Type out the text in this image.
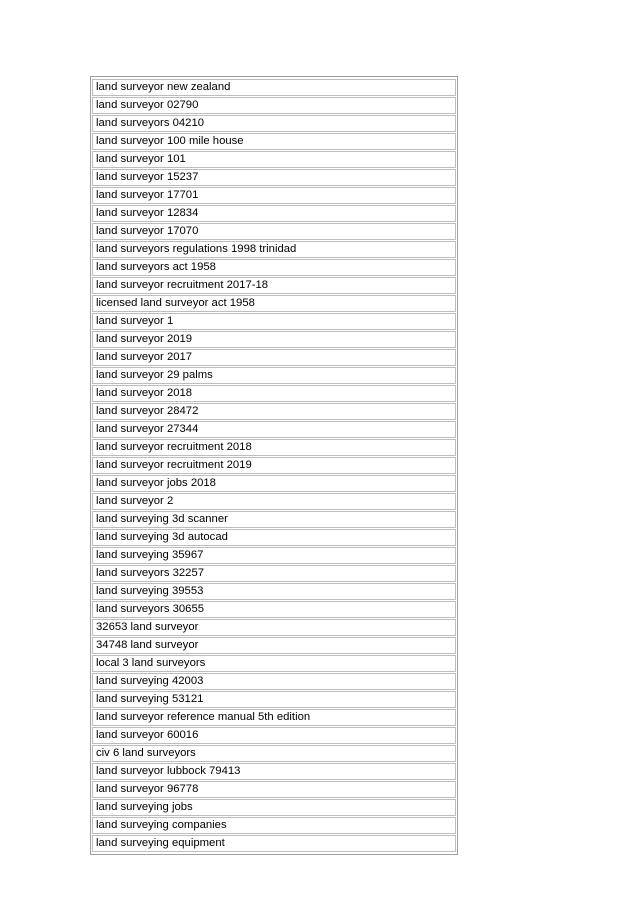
land surveyor new zealand
land surveyor 02790
land surveyors 04210
land surveyor 100 mile house
land surveyor 101
land surveyor 15237
land surveyor 17701
land surveyor 12834
land surveyor 17070
land surveyors regulations 1998 trinidad
land surveyors act 1958
land surveyor recruitment 2017-18
licensed land surveyor act 1958
land surveyor 1
land surveyor 2019
land surveyor 2017
land surveyor 29 palms
land surveyor 2018
land surveyor 28472
land surveyor 27344
land surveyor recruitment 2018
land surveyor recruitment 2019
land surveyor jobs 2018
land surveyor 2
land surveying 3d scanner
land surveying 3d autocad
land surveying 35967
land surveyors 32257
land surveying 39553
land surveyors 30655
32653 land surveyor
34748 land surveyor
local 3 land surveyors
land surveying 42003
land surveying 53121
land surveyor reference manual 5th edition
land surveyor 60016
civ 6 land surveyors
land surveyor lubbock 79413
land surveyor 96778
land surveying jobs
land surveying companies
land surveying equipment
